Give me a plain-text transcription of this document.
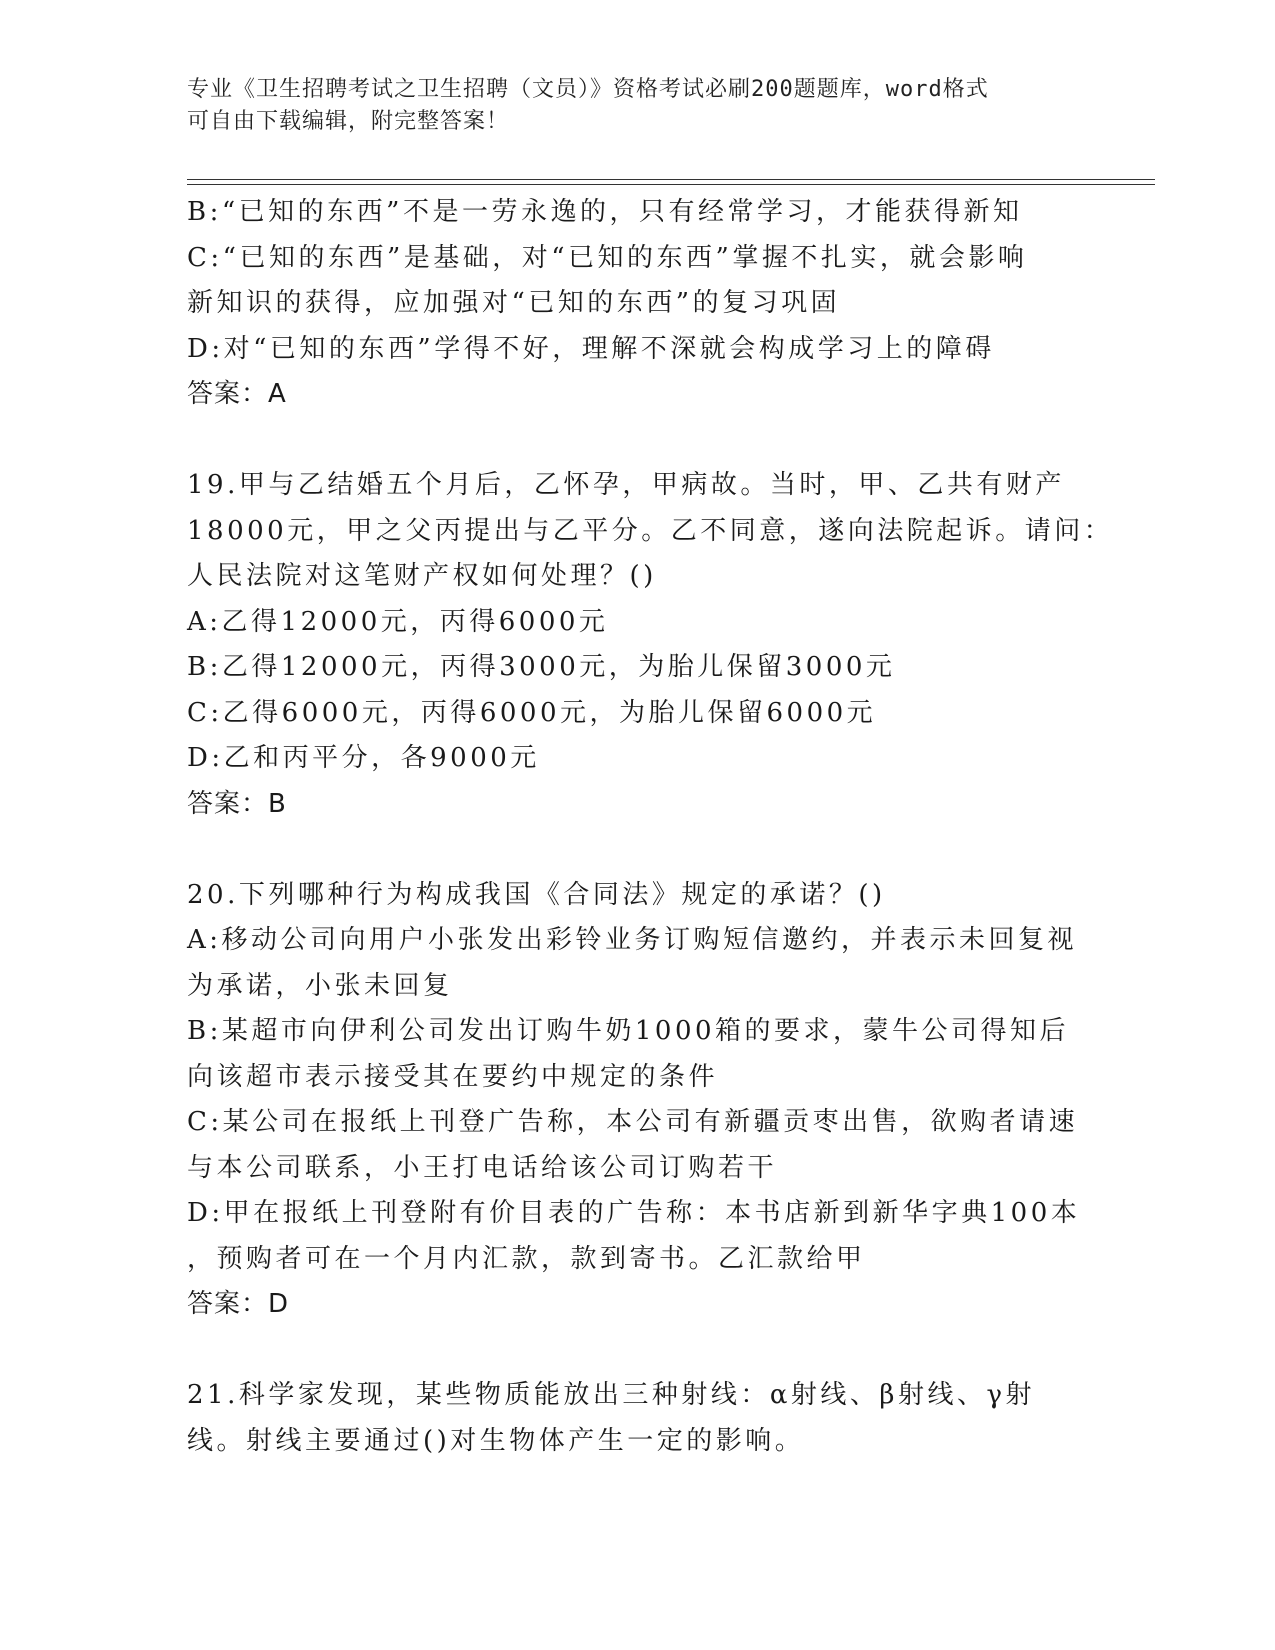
专业《卫生招聘考试之卫生招聘（文员）》资格考试必刷200题题库，word格式
可自由下载编辑，附完整答案！
B:“已知的东西”不是一劳永逸的，只有经常学习，才能获得新知
C:“已知的东西”是基础，对“已知的东西”掌握不扎实，就会影响
新知识的获得，应加强对“已知的东西”的复习巩固
D:对“已知的东西”学得不好，理解不深就会构成学习上的障碍
答案：A
19.甲与乙结婚五个月后，乙怀孕，甲病故。当时，甲、乙共有财产
18000元，甲之父丙提出与乙平分。乙不同意，遂向法院起诉。请问：
人民法院对这笔财产权如何处理？()
A:乙得12000元，丙得6000元
B:乙得12000元，丙得3000元，为胎儿保留3000元
C:乙得6000元，丙得6000元，为胎儿保留6000元
D:乙和丙平分，各9000元
答案：B
20.下列哪种行为构成我国《合同法》规定的承诺？()
A:移动公司向用户小张发出彩铃业务订购短信邀约，并表示未回复视
为承诺，小张未回复
B:某超市向伊利公司发出订购牛奶1000箱的要求，蒙牛公司得知后
向该超市表示接受其在要约中规定的条件
C:某公司在报纸上刊登广告称，本公司有新疆贡枣出售，欲购者请速
与本公司联系，小王打电话给该公司订购若干
D:甲在报纸上刊登附有价目表的广告称：本书店新到新华字典100本
，预购者可在一个月内汇款，款到寄书。乙汇款给甲
答案：D
21.科学家发现，某些物质能放出三种射线：α射线、β射线、γ射
线。射线主要通过()对生物体产生一定的影响。
